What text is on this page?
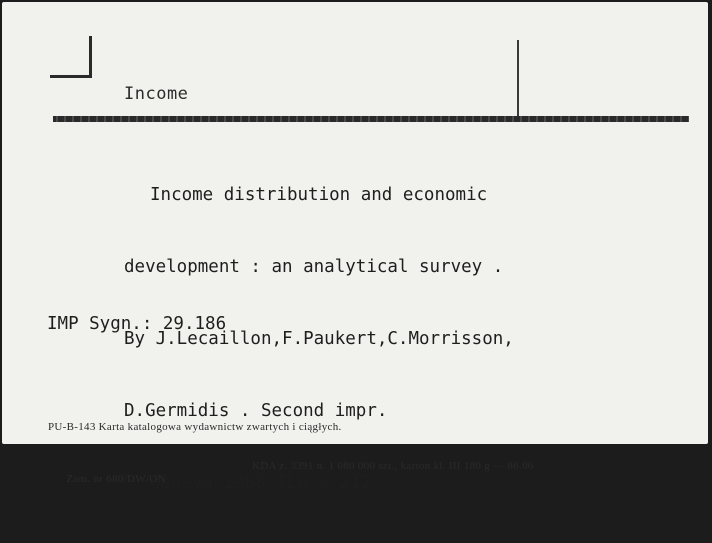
Income

Income distribution and economic

development : an analytical survey .

By J.Lecaillon,F.Paukert,C.Morrisson,

D.Germidis . Second impr.

Geneva 1986 ILO s.212.

IMP Sygn.: 29.186

PU-B-143 Karta katalogowa wydawnictw zwartych i ciągłych.

Zam. nr 680/DW/ON

KDA z. 3391 n. 1 080 000 szt., karton kl. III 180 g — 86.06
